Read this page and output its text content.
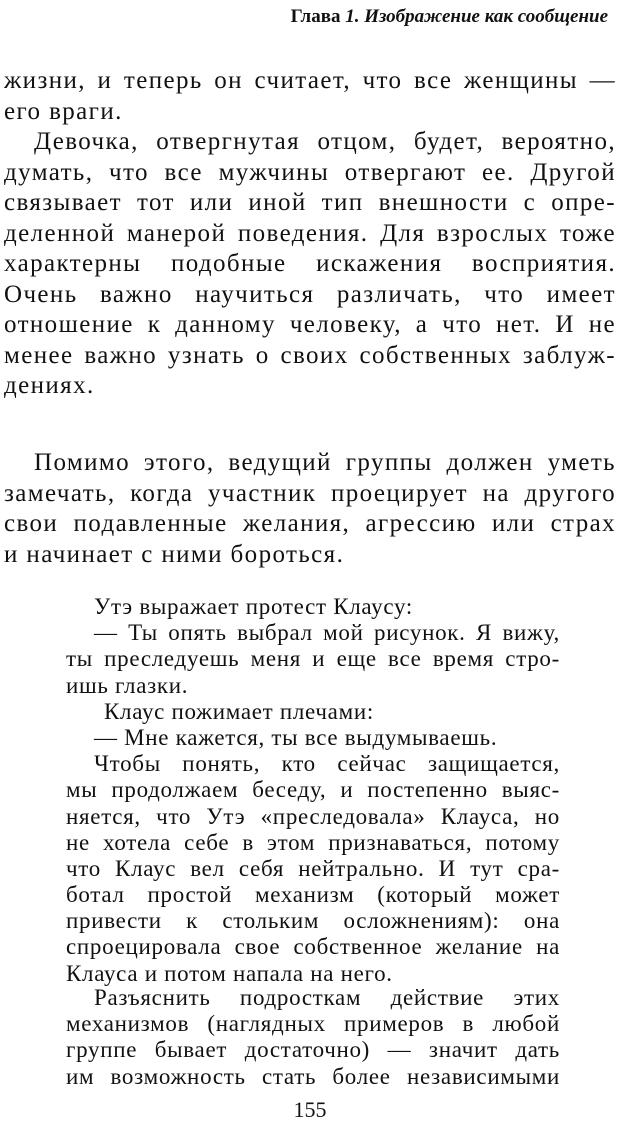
Глава 1. Изображение как сообщение
жизни, и теперь он считает, что все женщины —
его враги.
Девочка, отвергнутая отцом, будет, вероятно,
думать, что все мужчины отвергают ее. Другой
связывает тот или иной тип внешности с опре-
деленной манерой поведения. Для взрослых тоже
характерны подобные искажения восприятия.
Очень важно научиться различать, что имеет
отношение к данному человеку, а что нет. И не
менее важно узнать о своих собственных заблуж-
дениях.
Помимо этого, ведущий группы должен уметь
замечать, когда участник проецирует на другого
свои подавленные желания, агрессию или страх
и начинает с ними бороться.
Утэ выражает протест Клаусу:
— Ты опять выбрал мой рисунок. Я вижу,
ты преследуешь меня и еще все время стро-
ишь глазки.
Клаус пожимает плечами:
— Мне кажется, ты все выдумываешь.
Чтобы понять, кто сейчас защищается,
мы продолжаем беседу, и постепенно выяс-
няется, что Утэ «преследовала» Клауса, но
не хотела себе в этом признаваться, потому
что Клаус вел себя нейтрально. И тут сра-
ботал простой механизм (который может
привести к стольким осложнениям): она
спроецировала свое собственное желание на
Клауса и потом напала на него.
Разъяснить подросткам действие этих
механизмов (наглядных примеров в любой
группе бывает достаточно) — значит дать
им возможность стать более независимыми
155
